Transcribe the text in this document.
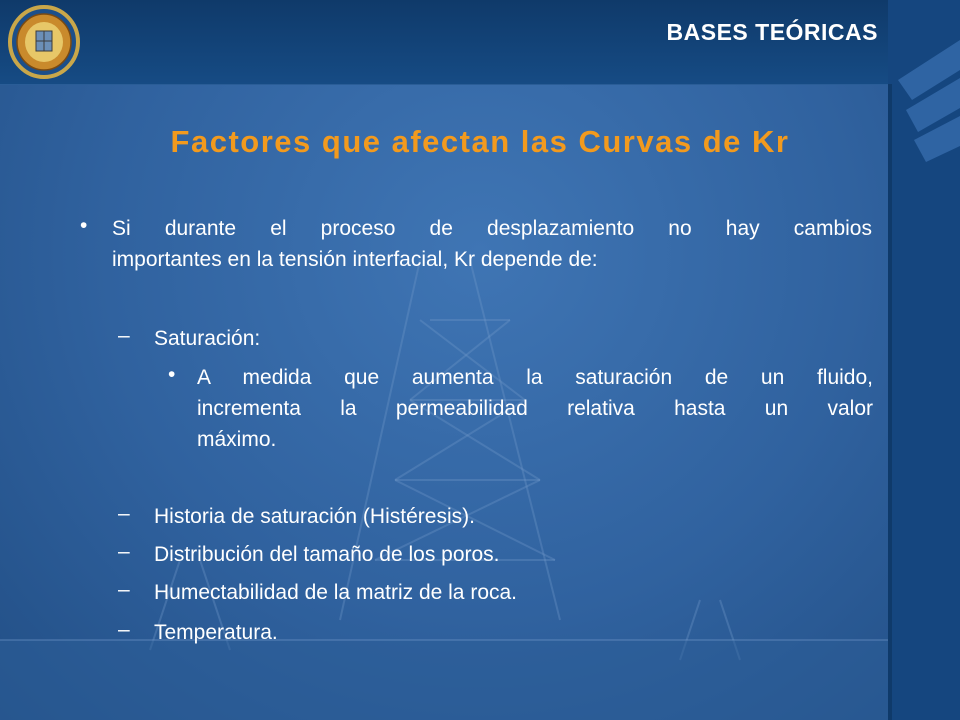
BASES TEÓRICAS
Factores que afectan las Curvas de Kr
• Si durante el proceso de desplazamiento no hay cambios
importantes en la tensión interfacial, Kr depende de:
– Saturación:
• A medida que aumenta la saturación de un fluido,
incrementa la permeabilidad relativa hasta un valor
máximo.
– Historia de saturación (Histéresis).
– Distribución del tamaño de los poros.
– Humectabilidad de la matriz de la roca.
– Temperatura.
